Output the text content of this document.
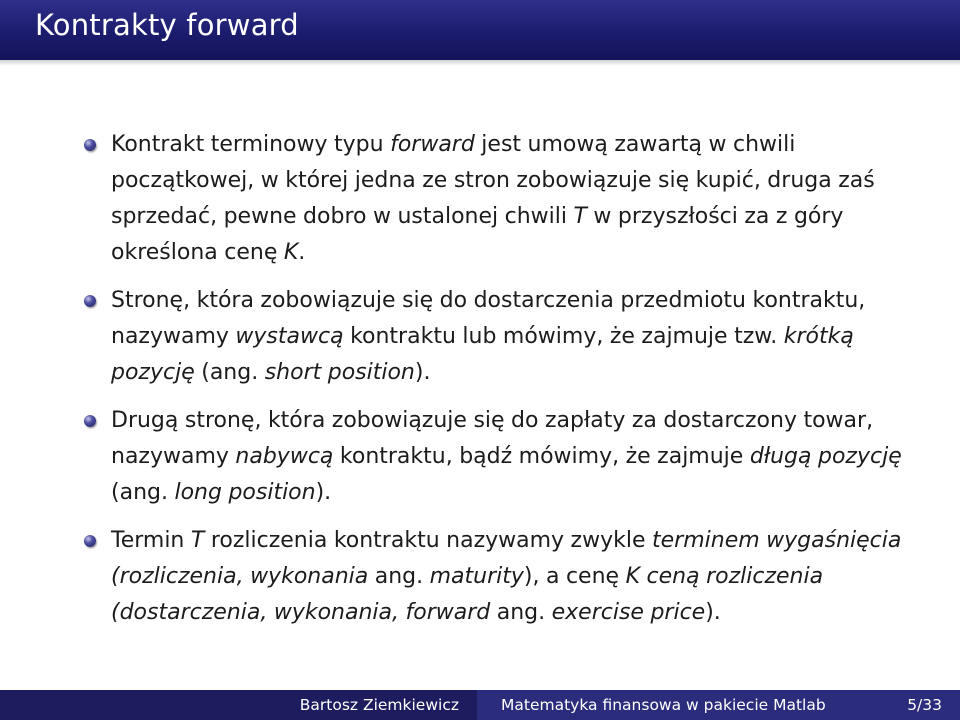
Kontrakty forward
Kontrakt terminowy typu forward jest umową zawartą w chwili początkowej, w której jedna ze stron zobowiązuje się kupić, druga zaś sprzedać, pewne dobro w ustalonej chwili T w przyszłości za z góry określona cenę K.
Stronę, która zobowiązuje się do dostarczenia przedmiotu kontraktu, nazywamy wystawcą kontraktu lub mówimy, że zajmuje tzw. krótką pozycję (ang. short position).
Drugą stronę, która zobowiązuje się do zapłaty za dostarczony towar, nazywamy nabywcą kontraktu, bądź mówimy, że zajmuje długą pozycję (ang. long position).
Termin T rozliczenia kontraktu nazywamy zwykle terminem wygaśnięcia (rozliczenia, wykonania ang. maturity), a cenę K ceną rozliczenia (dostarczenia, wykonania, forward ang. exercise price).
Bartosz Ziemkiewicz	Matematyka finansowa w pakiecie Matlab	5/33
